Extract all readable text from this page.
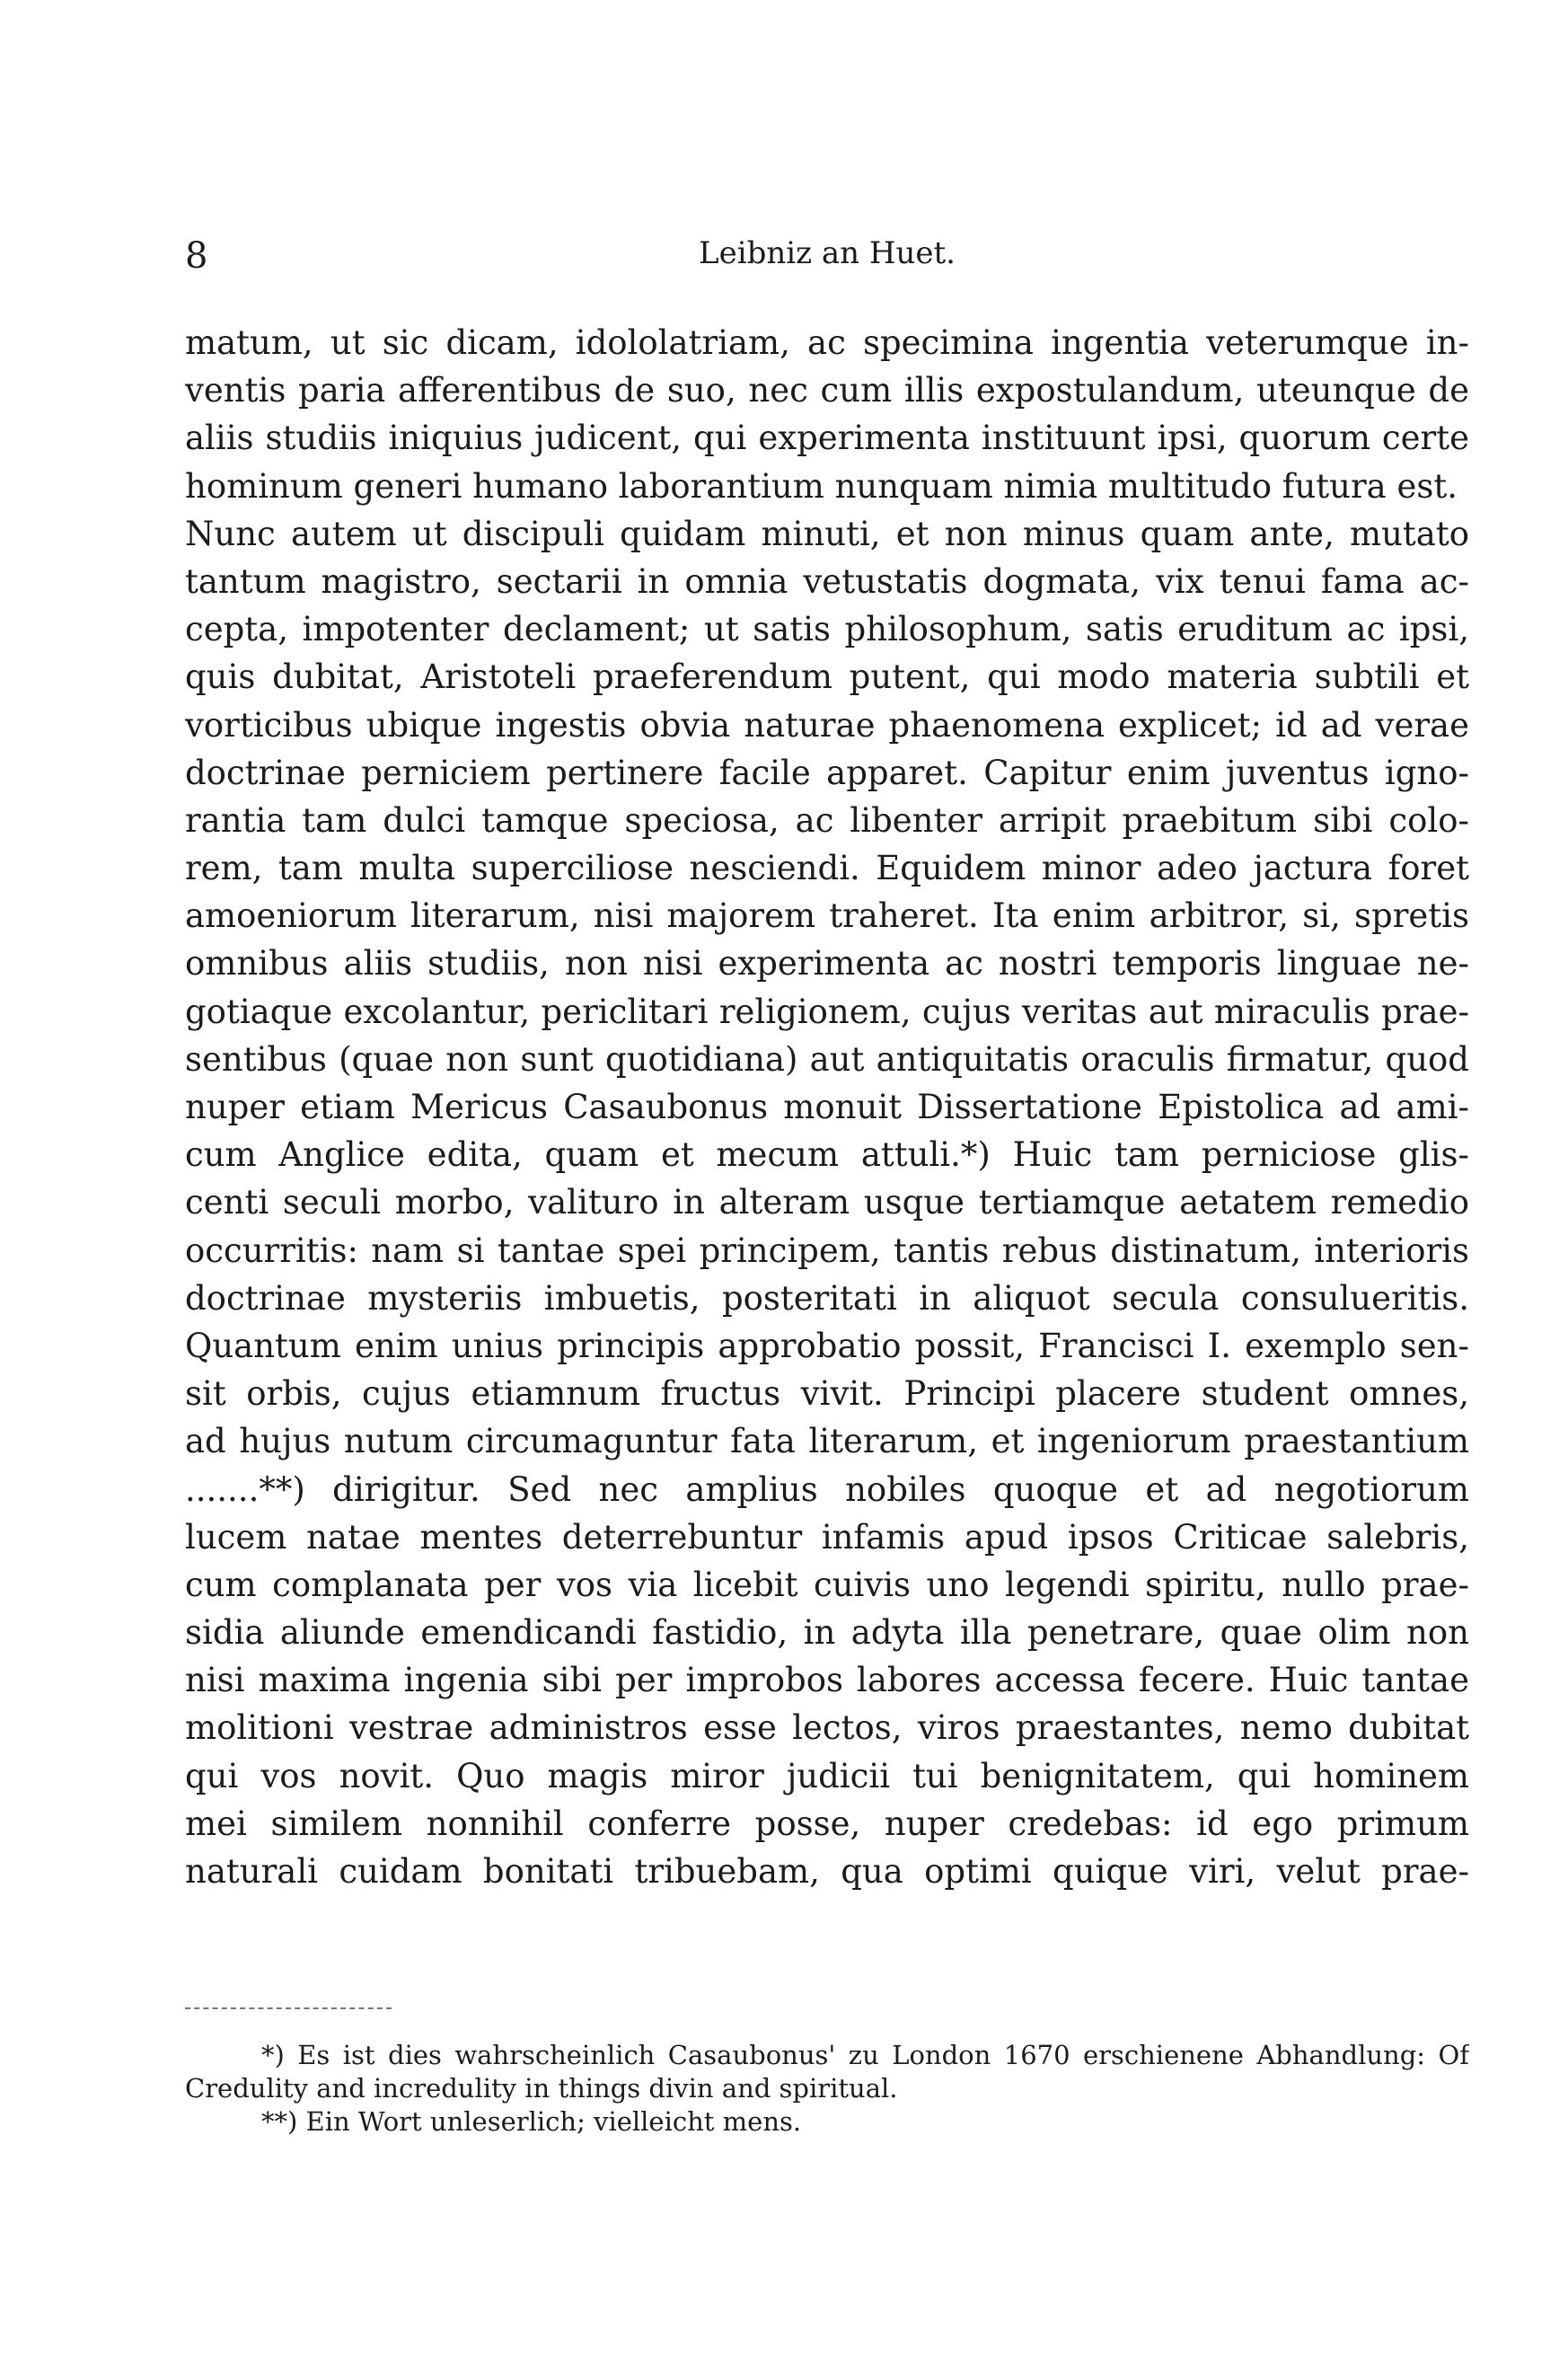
8	Leibniz an Huet.
matum, ut sic dicam, idololatriam, ac specimina ingentia veterumque in-
ventis paria afferentibus de suo, nec cum illis expostulandum, uteunque de
aliis studiis iniquius judicent, qui experimenta instituunt ipsi, quorum certe
hominum generi humano laborantium nunquam nimia multitudo futura est.
Nunc autem ut discipuli quidam minuti, et non minus quam ante, mutato
tantum magistro, sectarii in omnia vetustatis dogmata, vix tenui fama ac-
cepta, impotenter declament; ut satis philosophum, satis eruditum ac ipsi,
quis dubitat, Aristoteli praeferendum putent, qui modo materia subtili et
vorticibus ubique ingestis obvia naturae phaenomena explicet; id ad verae
doctrinae perniciem pertinere facile apparet. Capitur enim juventus igno-
rantia tam dulci tamque speciosa, ac libenter arripit praebitum sibi colo-
rem, tam multa superciliose nesciendi. Equidem minor adeo jactura foret
amoeniorum literarum, nisi majorem traheret. Ita enim arbitror, si, spretis
omnibus aliis studiis, non nisi experimenta ac nostri temporis linguae ne-
gotiaque excolantur, periclitari religionem, cujus veritas aut miraculis prae-
sentibus (quae non sunt quotidiana) aut antiquitatis oraculis firmatur, quod
nuper etiam Mericus Casaubonus monuit Dissertatione Epistolica ad ami-
cum Anglice edita, quam et mecum attuli.*) Huic tam perniciose glis-
centi seculi morbo, valituro in alteram usque tertiamque aetatem remedio
occurritis: nam si tantae spei principem, tantis rebus distinatum, interioris
doctrinae mysteriis imbuetis, posteritati in aliquot secula consulueritis.
Quantum enim unius principis approbatio possit, Francisci I. exemplo sen-
sit orbis, cujus etiamnum fructus vivit. Principi placere student omnes,
ad hujus nutum circumaguntur fata literarum, et ingeniorum praestantium
.......**) dirigitur. Sed nec amplius nobiles quoque et ad negotiorum
lucem natae mentes deterrebuntur infamis apud ipsos Criticae salebris,
cum complanata per vos via licebit cuivis uno legendi spiritu, nullo prae-
sidia aliunde emendicandi fastidio, in adyta illa penetrare, quae olim non
nisi maxima ingenia sibi per improbos labores accessa fecere. Huic tantae
molitioni vestrae administros esse lectos, viros praestantes, nemo dubitat
qui vos novit. Quo magis miror judicii tui benignitatem, qui hominem
mei similem nonnihil conferre posse, nuper credebas: id ego primum
naturali cuidam bonitati tribuebam, qua optimi quique viri, velut prae-
*) Es ist dies wahrscheinlich Casaubonus' zu London 1670 erschienene Abhandlung: Of
Credulity and incredulity in things divin and spiritual.
**) Ein Wort unleserlich; vielleicht mens.
